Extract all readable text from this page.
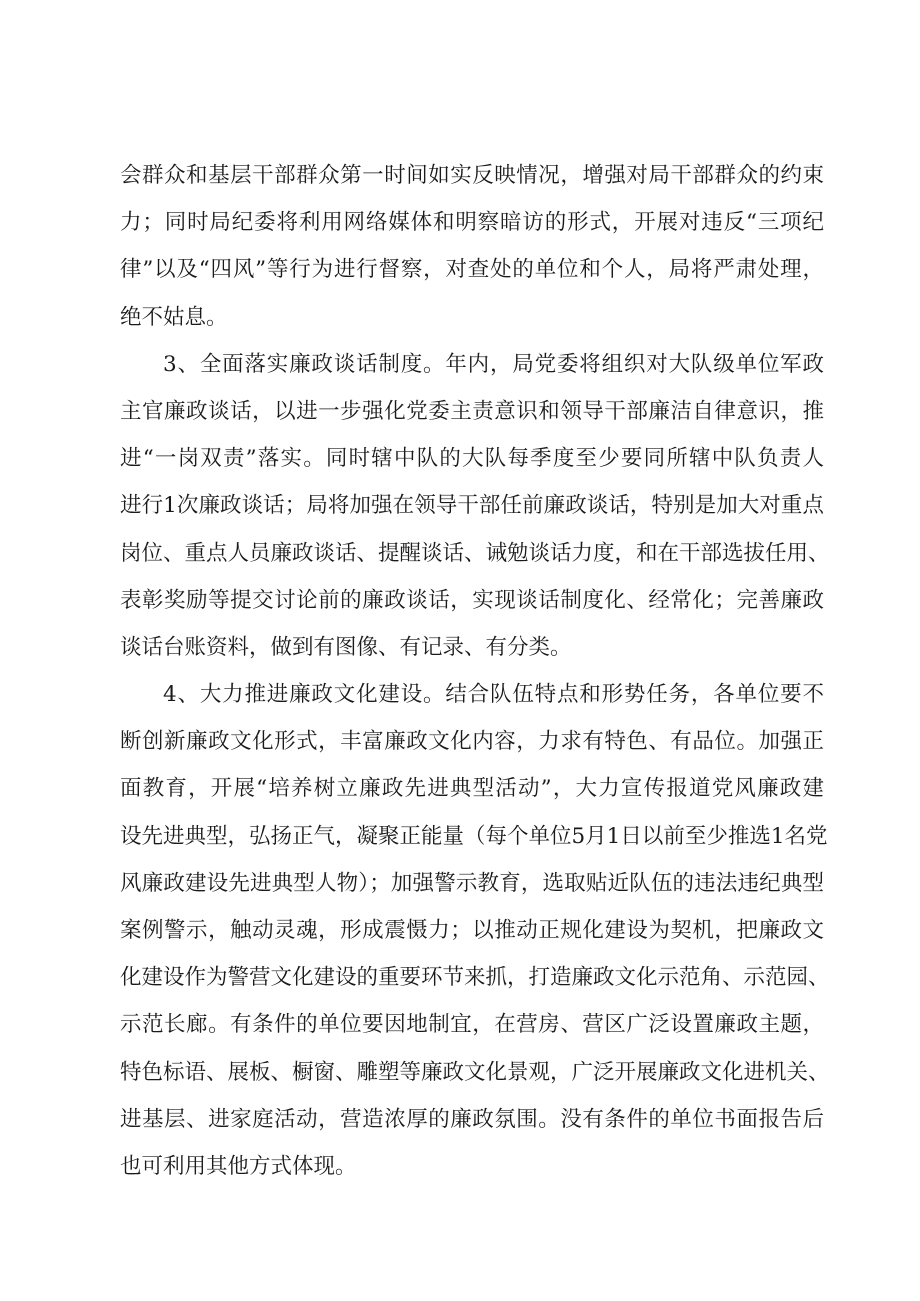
会群众和基层干部群众第一时间如实反映情况，增强对局干部群众的约束
力；同时局纪委将利用网络媒体和明察暗访的形式，开展对违反“三项纪
律”以及“四风”等行为进行督察，对查处的单位和个人，局将严肃处理，
绝不姑息。
3、全面落实廉政谈话制度。年内，局党委将组织对大队级单位军政
主官廉政谈话，以进一步强化党委主责意识和领导干部廉洁自律意识，推
进“一岗双责”落实。同时辖中队的大队每季度至少要同所辖中队负责人
进行1次廉政谈话；局将加强在领导干部任前廉政谈话，特别是加大对重点
岗位、重点人员廉政谈话、提醒谈话、诫勉谈话力度，和在干部选拔任用、
表彰奖励等提交讨论前的廉政谈话，实现谈话制度化、经常化；完善廉政
谈话台账资料，做到有图像、有记录、有分类。
4、大力推进廉政文化建设。结合队伍特点和形势任务，各单位要不
断创新廉政文化形式，丰富廉政文化内容，力求有特色、有品位。加强正
面教育，开展“培养树立廉政先进典型活动”，大力宣传报道党风廉政建
设先进典型，弘扬正气，凝聚正能量（每个单位5月1日以前至少推选1名党
风廉政建设先进典型人物）；加强警示教育，选取贴近队伍的违法违纪典型
案例警示，触动灵魂，形成震慑力；以推动正规化建设为契机，把廉政文
化建设作为警营文化建设的重要环节来抓，打造廉政文化示范角、示范园、
示范长廊。有条件的单位要因地制宜，在营房、营区广泛设置廉政主题，
特色标语、展板、橱窗、雕塑等廉政文化景观，广泛开展廉政文化进机关、
进基层、进家庭活动，营造浓厚的廉政氛围。没有条件的单位书面报告后
也可利用其他方式体现。
